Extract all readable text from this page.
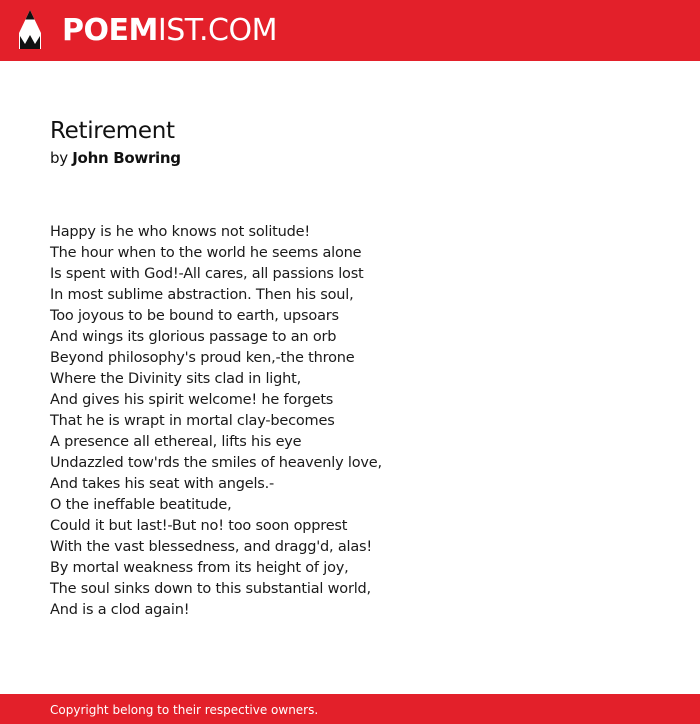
POEMIST.COM
Retirement

by John Bowring

Happy is he who knows not solitude!
The hour when to the world he seems alone
Is spent with God!-All cares, all passions lost
In most sublime abstraction. Then his soul,
Too joyous to be bound to earth, upsoars
And wings its glorious passage to an orb
Beyond philosophy's proud ken,-the throne
Where the Divinity sits clad in light,
And gives his spirit welcome! he forgets
That he is wrapt in mortal clay-becomes
A presence all ethereal, lifts his eye
Undazzled tow'rds the smiles of heavenly love,
And takes his seat with angels.-
O the ineffable beatitude,
Could it but last!-But no! too soon opprest
With the vast blessedness, and dragg'd, alas!
By mortal weakness from its height of joy,
The soul sinks down to this substantial world,
And is a clod again!
Copyright belong to their respective owners.
